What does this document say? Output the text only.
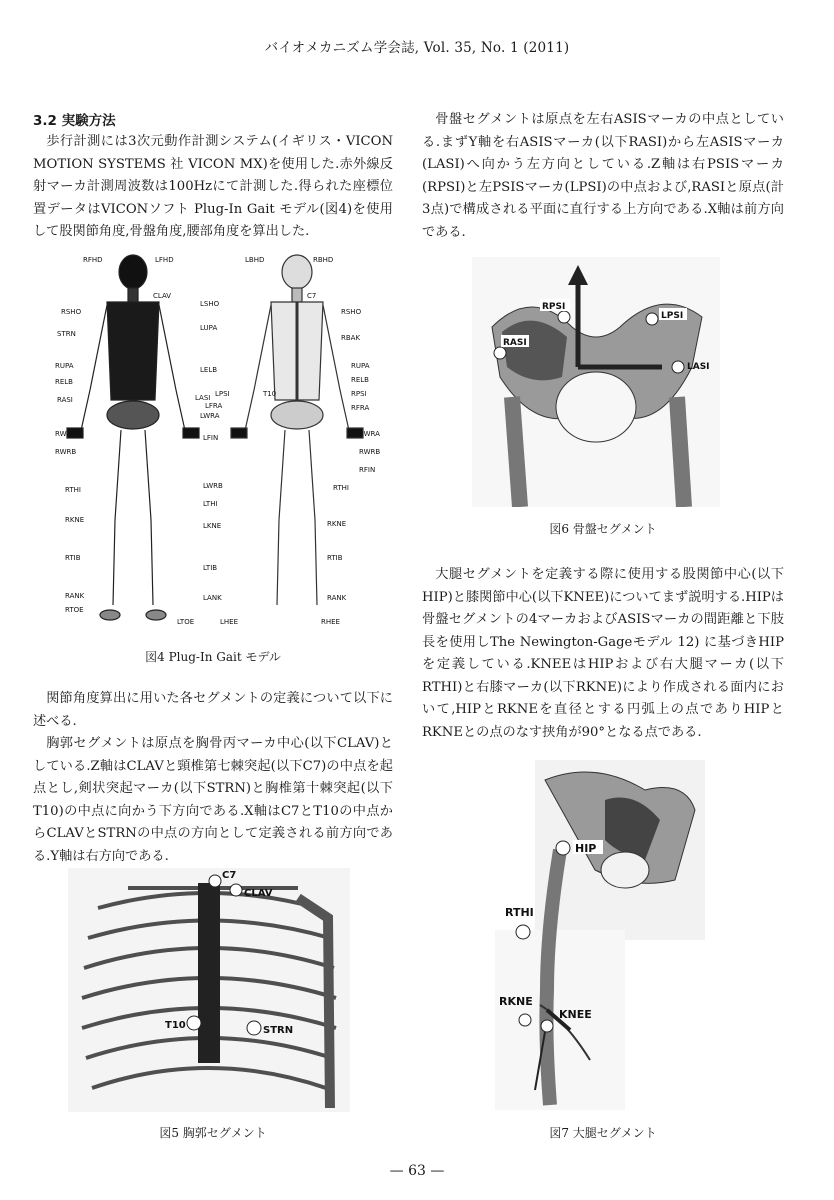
バイオメカニズム学会誌, Vol. 35, No. 1 (2011)
3.2 実験方法
歩行計測には3次元動作計測システム(イギリス・VICON MOTION SYSTEMS 社 VICON MX)を使用した.赤外線反射マーカ計測周波数は100Hzにて計測した.得られた座標位置データはVICONソフト Plug-In Gait モデル(図4)を使用して股関節角度,骨盤角度,腰部角度を算出した.
RFHD	LFHD
CLAV
RSHO
STRN
RUPA
RELB
RASI
RWRA
RWRB
RTHI
RKNE
RTIB
RANK
RTOE
LSHO
LUPA
LELB
LASI
LFRA
LWRA
LFIN
LWRB
LTHI
LKNE
LTIB
LANK
LTOE	LHEE
LPSI	T10
LBHD	RBHD
C7
RSHO
RBAK
RUPA
RELB
RPSI
RFRA
RWRA
RWRB
RFIN
RTHI
RKNE
RTIB
RANK
RHEE
図4 Plug-In Gait モデル
関節角度算出に用いた各セグメントの定義について以下に述べる.
胸郭セグメントは原点を胸骨丙マーカ中心(以下CLAV)としている.Z軸はCLAVと頸椎第七棘突起(以下C7)の中点を起点とし,剣状突起マーカ(以下STRN)と胸椎第十棘突起(以下T10)の中点に向かう下方向である.X軸はC7とT10の中点からCLAVとSTRNの中点の方向として定義される前方向である.Y軸は右方向である.
C7
CLAV
T10	STRN
図5 胸郭セグメント
骨盤セグメントは原点を左右ASISマーカの中点としている.まずY軸を右ASISマーカ(以下RASI)から左ASISマーカ(LASI)へ向かう左方向としている.Z軸は右PSISマーカ(RPSI)と左PSISマーカ(LPSI)の中点および,RASIと原点(計3点)で構成される平面に直行する上方向である.X軸は前方向である.
RPSI
LPSI
RASI
LASI
図6 骨盤セグメント
大腿セグメントを定義する際に使用する股関節中心(以下HIP)と膝関節中心(以下KNEE)についてまず説明する.HIPは骨盤セグメントの4マーカおよびASISマーカの間距離と下肢長を使用しThe Newington-Gageモデル 12) に基づきHIPを定義している.KNEEはHIPおよび右大腿マーカ(以下RTHI)と右膝マーカ(以下RKNE)により作成される面内において,HIPとRKNEを直径とする円弧上の点でありHIPとRKNEとの点のなす挟角が90°となる点である.
HIP
RTHI
RKNE
KNEE
図7 大腿セグメント
— 63 —
